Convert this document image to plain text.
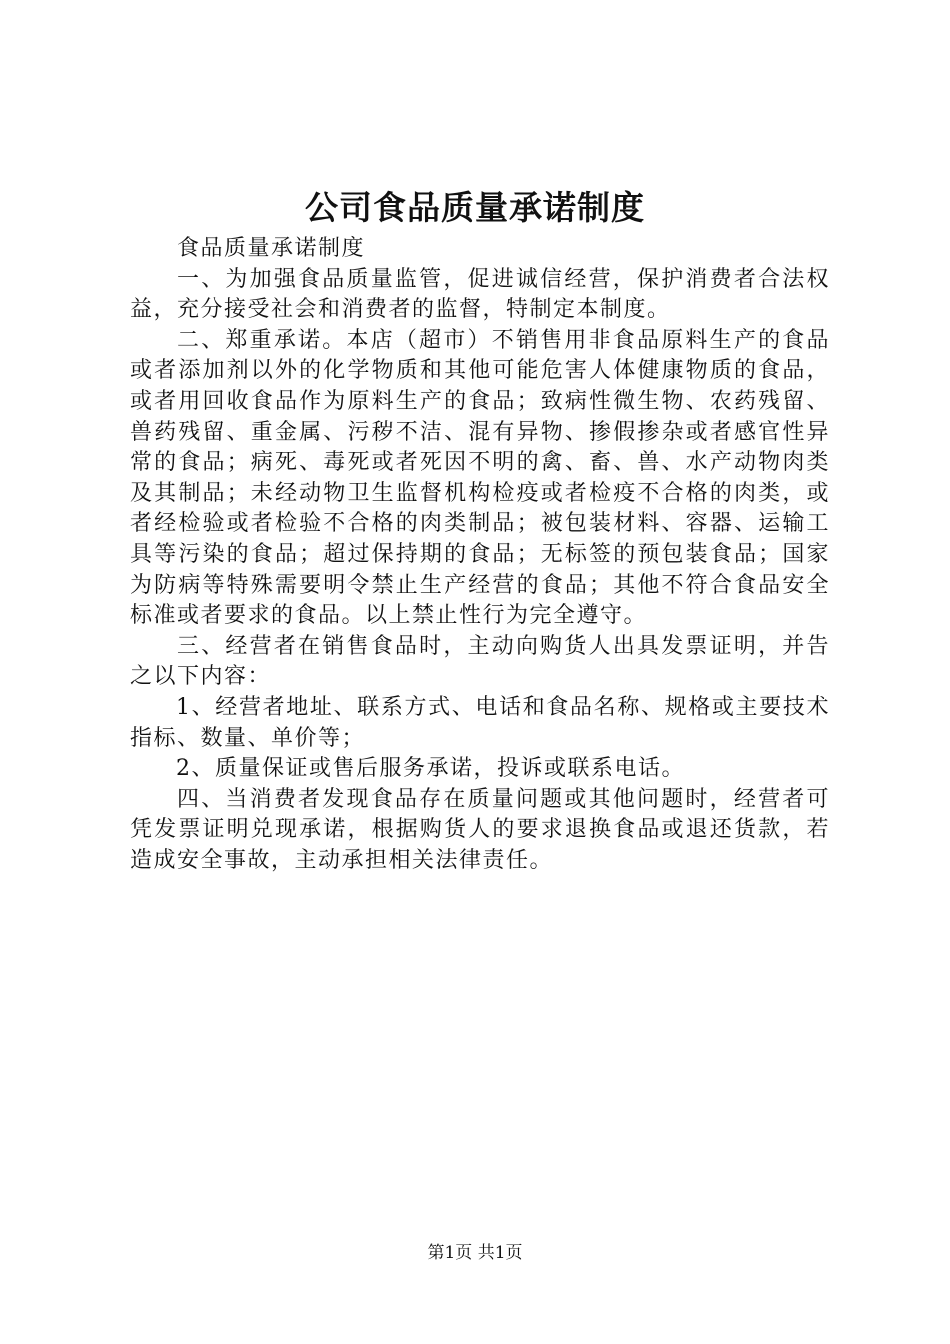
公司食品质量承诺制度

食品质量承诺制度

一、为加强食品质量监管，促进诚信经营，保护消费者合法权益，充分接受社会和消费者的监督，特制定本制度。

二、郑重承诺。本店（超市）不销售用非食品原料生产的食品或者添加剂以外的化学物质和其他可能危害人体健康物质的食品，或者用回收食品作为原料生产的食品；致病性微生物、农药残留、兽药残留、重金属、污秽不洁、混有异物、掺假掺杂或者感官性异常的食品；病死、毒死或者死因不明的禽、畜、兽、水产动物肉类及其制品；未经动物卫生监督机构检疫或者检疫不合格的肉类，或者经检验或者检验不合格的肉类制品；被包装材料、容器、运输工具等污染的食品；超过保持期的食品；无标签的预包装食品；国家为防病等特殊需要明令禁止生产经营的食品；其他不符合食品安全标准或者要求的食品。以上禁止性行为完全遵守。

三、经营者在销售食品时，主动向购货人出具发票证明，并告之以下内容：

1、经营者地址、联系方式、电话和食品名称、规格或主要技术指标、数量、单价等；

2、质量保证或售后服务承诺，投诉或联系电话。

四、当消费者发现食品存在质量问题或其他问题时，经营者可凭发票证明兑现承诺，根据购货人的要求退换食品或退还货款，若造成安全事故，主动承担相关法律责任。

第1页 共1页
